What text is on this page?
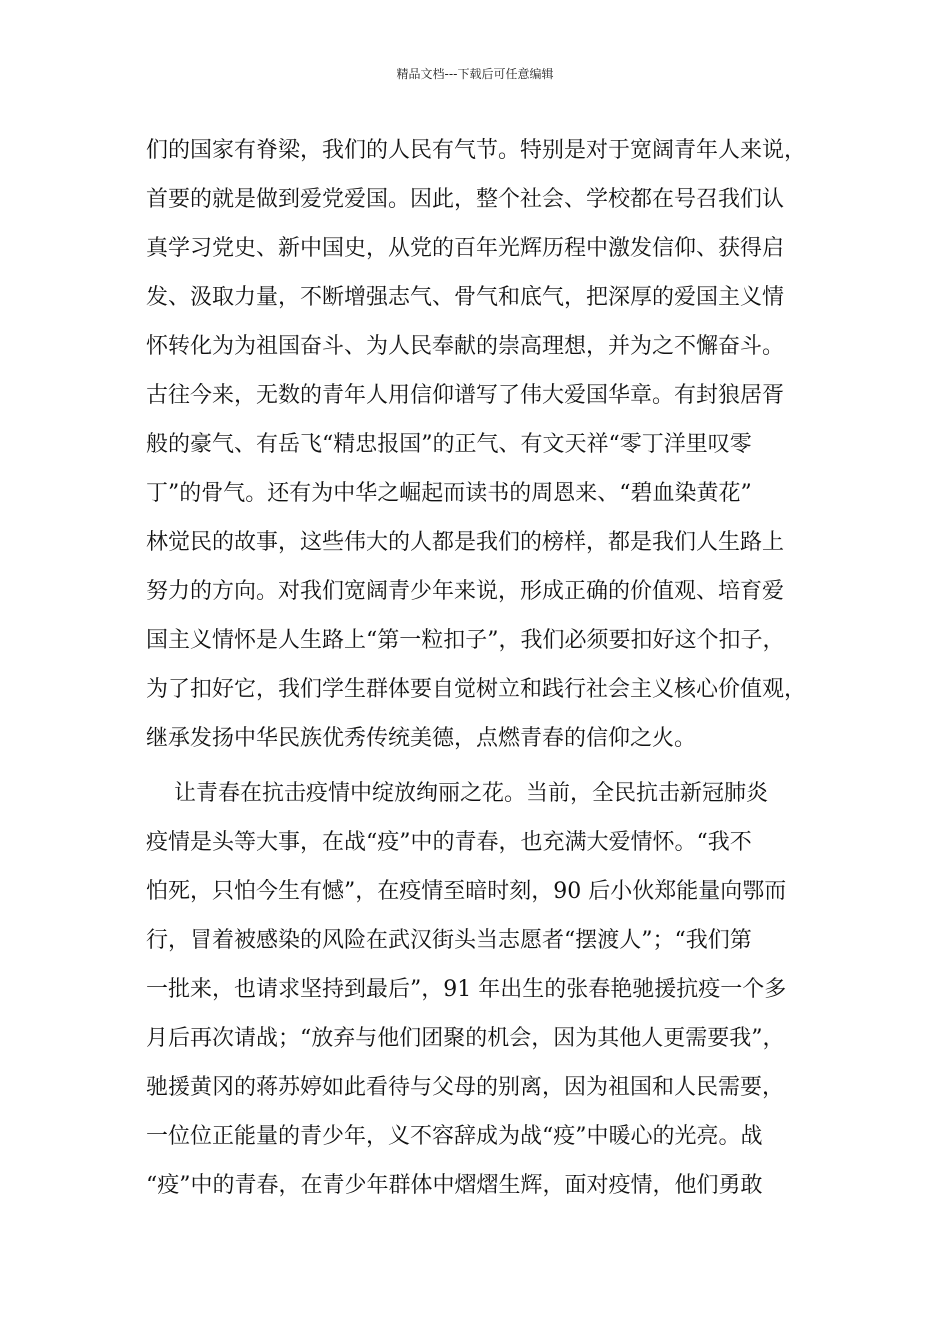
精品文档---下载后可任意编辑
们的国家有脊梁，我们的人民有气节。特别是对于宽阔青年人来说，
首要的就是做到爱党爱国。因此，整个社会、学校都在号召我们认
真学习党史、新中国史，从党的百年光辉历程中激发信仰、获得启
发、汲取力量，不断增强志气、骨气和底气，把深厚的爱国主义情
怀转化为为祖国奋斗、为人民奉献的崇高理想，并为之不懈奋斗。
古往今来，无数的青年人用信仰谱写了伟大爱国华章。有封狼居胥
般的豪气、有岳飞“精忠报国”的正气、有文天祥“零丁洋里叹零
丁”的骨气。还有为中华之崛起而读书的周恩来、“碧血染黄花”
林觉民的故事，这些伟大的人都是我们的榜样，都是我们人生路上
努力的方向。对我们宽阔青少年来说，形成正确的价值观、培育爱
国主义情怀是人生路上“第一粒扣子”，我们必须要扣好这个扣子，
为了扣好它，我们学生群体要自觉树立和践行社会主义核心价值观，
继承发扬中华民族优秀传统美德，点燃青春的信仰之火。
让青春在抗击疫情中绽放绚丽之花。当前，全民抗击新冠肺炎
疫情是头等大事，在战“疫”中的青春，也充满大爱情怀。“我不
怕死，只怕今生有憾”，在疫情至暗时刻，90 后小伙郑能量向鄂而
行，冒着被感染的风险在武汉街头当志愿者“摆渡人”；“我们第
一批来，也请求坚持到最后”，91 年出生的张春艳驰援抗疫一个多
月后再次请战；“放弃与他们团聚的机会，因为其他人更需要我”，
驰援黄冈的蒋苏婷如此看待与父母的别离，因为祖国和人民需要，
一位位正能量的青少年，义不容辞成为战“疫”中暖心的光亮。战
“疫”中的青春，在青少年群体中熠熠生辉，面对疫情，他们勇敢
